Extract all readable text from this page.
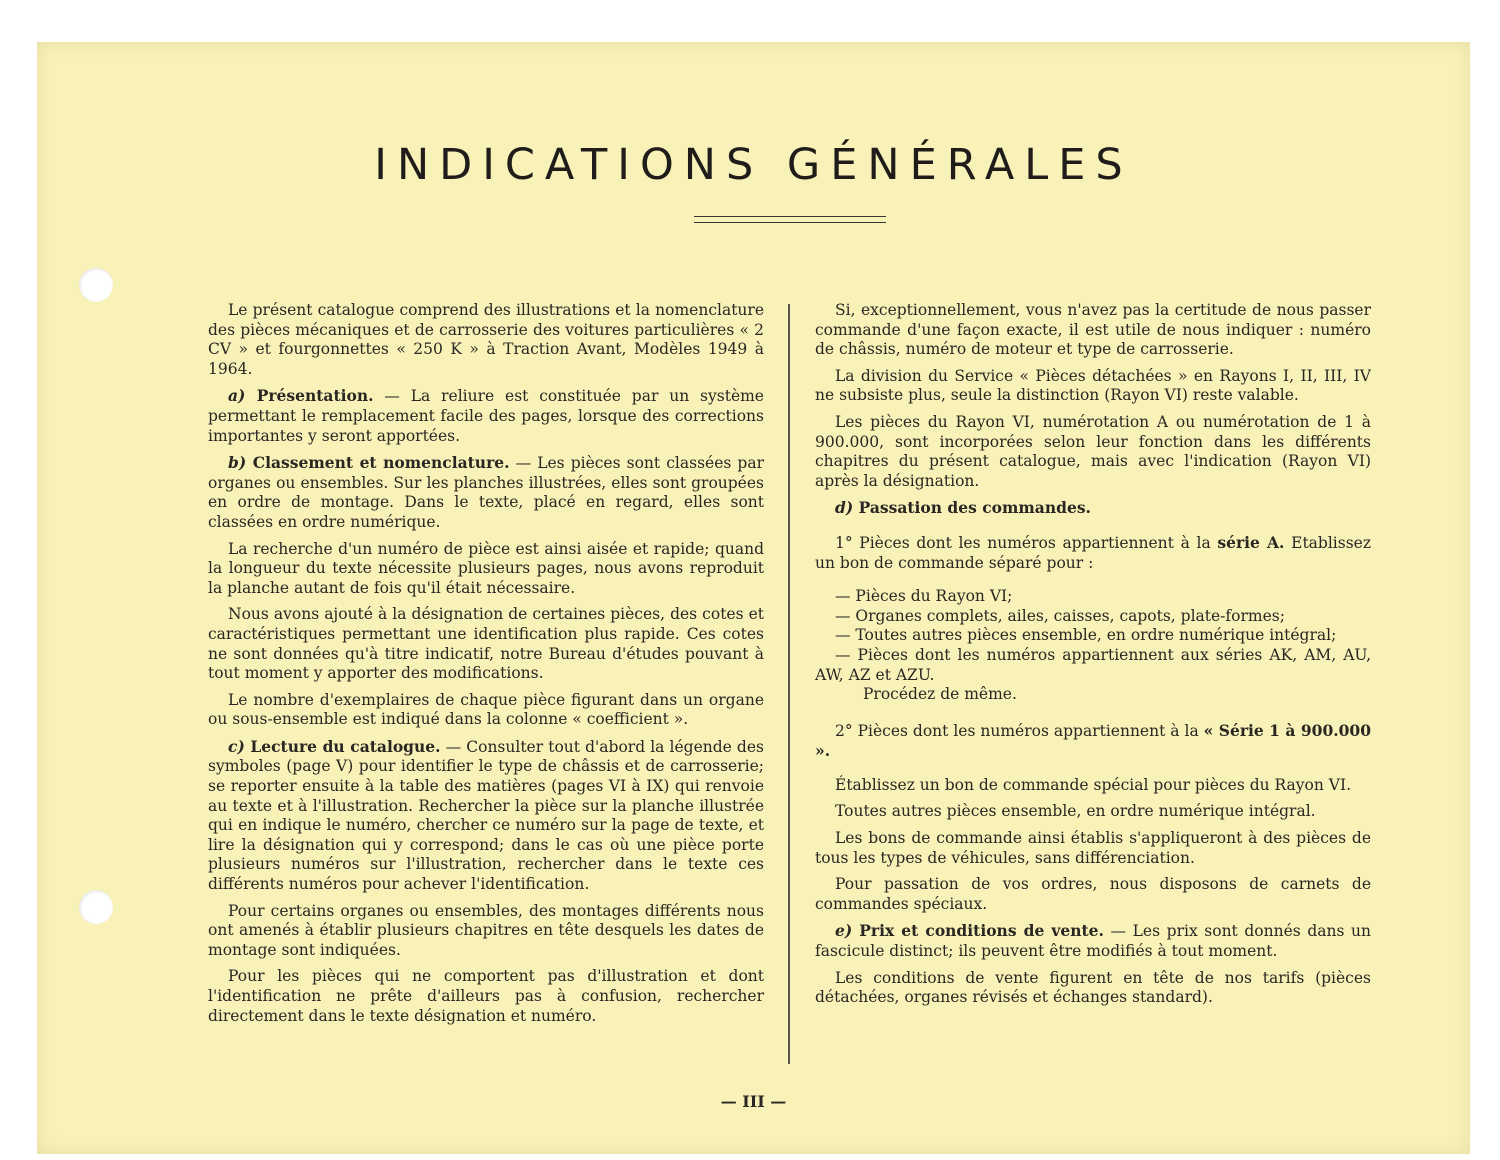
INDICATIONS GÉNÉRALES

Le présent catalogue comprend des illustrations et la nomenclature des pièces mécaniques et de carrosserie des voitures particulières « 2 CV » et fourgonnettes « 250 K » à Traction Avant, Modèles 1949 à 1964.

a) Présentation. — La reliure est constituée par un système permettant le remplacement facile des pages, lorsque des corrections importantes y seront apportées.

b) Classement et nomenclature. — Les pièces sont classées par organes ou ensembles. Sur les planches illustrées, elles sont groupées en ordre de montage. Dans le texte, placé en regard, elles sont classées en ordre numérique.

La recherche d'un numéro de pièce est ainsi aisée et rapide; quand la longueur du texte nécessite plusieurs pages, nous avons reproduit la planche autant de fois qu'il était nécessaire.

Nous avons ajouté à la désignation de certaines pièces, des cotes et caractéristiques permettant une identification plus rapide. Ces cotes ne sont données qu'à titre indicatif, notre Bureau d'études pouvant à tout moment y apporter des modifications.

Le nombre d'exemplaires de chaque pièce figurant dans un organe ou sous-ensemble est indiqué dans la colonne « coefficient ».

c) Lecture du catalogue. — Consulter tout d'abord la légende des symboles (page V) pour identifier le type de châssis et de carrosserie; se reporter ensuite à la table des matières (pages VI à IX) qui renvoie au texte et à l'illustration. Rechercher la pièce sur la planche illustrée qui en indique le numéro, chercher ce numéro sur la page de texte, et lire la désignation qui y correspond; dans le cas où une pièce porte plusieurs numéros sur l'illustration, rechercher dans le texte ces différents numéros pour achever l'identification.

Pour certains organes ou ensembles, des montages différents nous ont amenés à établir plusieurs chapitres en tête desquels les dates de montage sont indiquées.

Pour les pièces qui ne comportent pas d'illustration et dont l'identification ne prête d'ailleurs pas à confusion, rechercher directement dans le texte désignation et numéro.

Si, exceptionnellement, vous n'avez pas la certitude de nous passer commande d'une façon exacte, il est utile de nous indiquer : numéro de châssis, numéro de moteur et type de carrosserie.

La division du Service « Pièces détachées » en Rayons I, II, III, IV ne subsiste plus, seule la distinction (Rayon VI) reste valable.

Les pièces du Rayon VI, numérotation A ou numérotation de 1 à 900.000, sont incorporées selon leur fonction dans les différents chapitres du présent catalogue, mais avec l'indication (Rayon VI) après la désignation.

d) Passation des commandes.

1° Pièces dont les numéros appartiennent à la série A. Etablissez un bon de commande séparé pour :

— Pièces du Rayon VI;

— Organes complets, ailes, caisses, capots, plate-formes;

— Toutes autres pièces ensemble, en ordre numérique intégral;

— Pièces dont les numéros appartiennent aux séries AK, AM, AU, AW, AZ et AZU.

Procédez de même.

2° Pièces dont les numéros appartiennent à la « Série 1 à 900.000 ».

Établissez un bon de commande spécial pour pièces du Rayon VI.

Toutes autres pièces ensemble, en ordre numérique intégral.

Les bons de commande ainsi établis s'appliqueront à des pièces de tous les types de véhicules, sans différenciation.

Pour passation de vos ordres, nous disposons de carnets de commandes spéciaux.

e) Prix et conditions de vente. — Les prix sont donnés dans un fascicule distinct; ils peuvent être modifiés à tout moment.

Les conditions de vente figurent en tête de nos tarifs (pièces détachées, organes révisés et échanges standard).

— III —
